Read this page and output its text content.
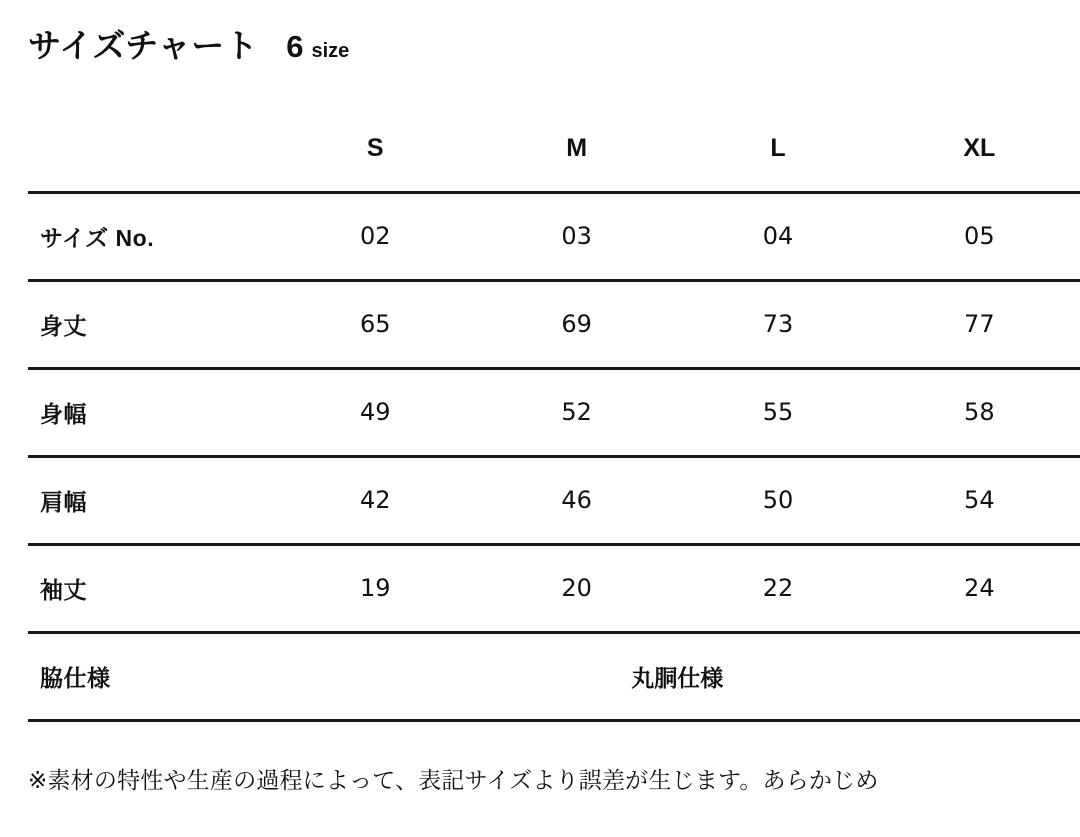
サイズチャート 6 size
	S	M	L	XL
サイズ No.	02	03	04	05
身丈	65	69	73	77
身幅	49	52	55	58
肩幅	42	46	50	54
袖丈	19	20	22	24
脇仕様	丸胴仕様			
※素材の特性や生産の過程によって、表記サイズより誤差が生じます。あらかじめ
